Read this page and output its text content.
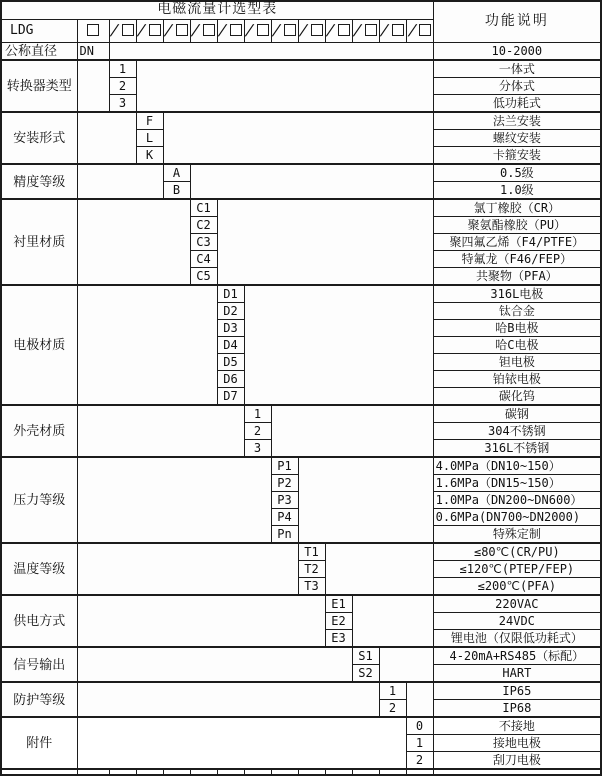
电磁流量计选型表														功能说明
LDG		/	/	/	/	/	/	/	/	/	/	/	/	
公称直径	DN													10-2000
转换器类型		1												一体式
		2												分体式
		3												低功耗式
安装形式			F											法兰安装
			L											螺纹安装
			K											卡箍安装
精度等级				A										0.5级
				B										1.0级
衬里材质					C1									氯丁橡胶（CR）
					C2									聚氨酯橡胶（PU）
					C3									聚四氟乙烯（F4/PTFE）
					C4									特氟龙（F46/FEP）
					C5									共聚物（PFA）
电极材质						D1								316L电极
						D2								钛合金
						D3								哈B电极
						D4								哈C电极
						D5								钽电极
						D6								铂铱电极
						D7								碳化钨
外壳材质							1							碳钢
							2							304不锈钢
							3							316L不锈钢
压力等级								P1						4.0MPa（DN10~150）
								P2						1.6MPa（DN15~150）
								P3						1.0MPa（DN200~DN600）
								P4						0.6MPa(DN700~DN2000)
								Pn						特殊定制
温度等级									T1					≤80℃(CR/PU)
									T2					≤120℃(PTEP/FEP)
									T3					≤200℃(PFA)
供电方式										E1				220VAC
										E2				24VDC
										E3				锂电池（仅限低功耗式）
信号输出											S1			4-20mA+RS485（标配）
											S2			HART
防护等级												1		IP65
												2		IP68
附件													0	不接地
													1	接地电极
													2	刮刀电极
